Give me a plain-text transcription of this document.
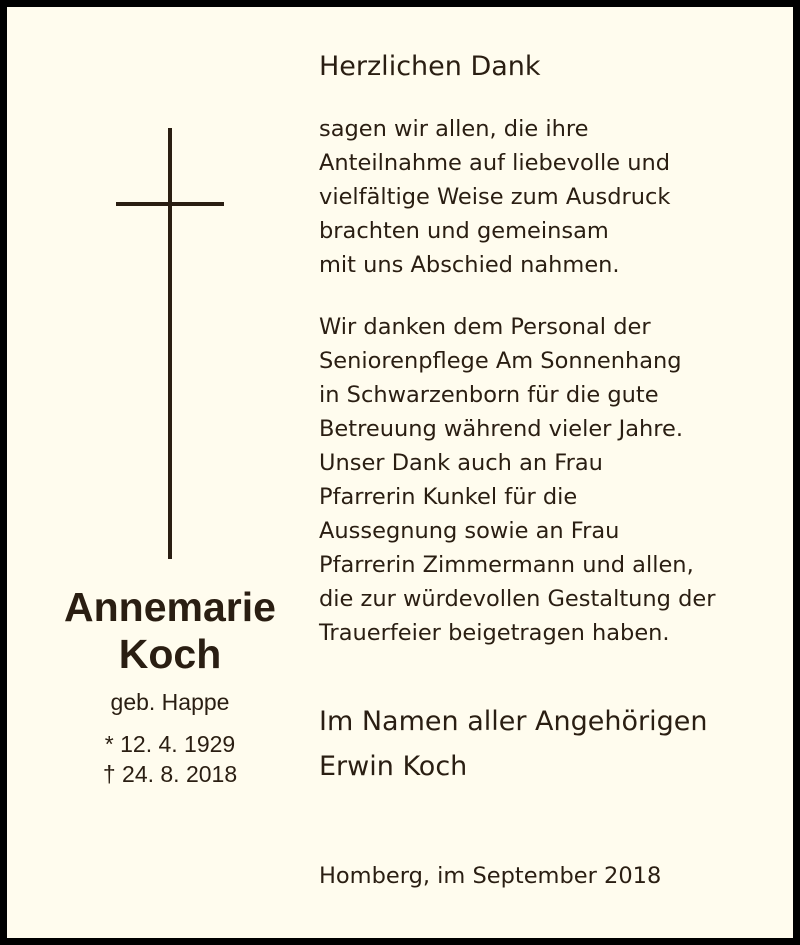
Annemarie
Koch
geb. Happe
* 12. 4. 1929
† 24. 8. 2018
Herzlichen Dank
sagen wir allen, die ihre
Anteilnahme auf liebevolle und
vielfältige Weise zum Ausdruck
brachten und gemeinsam
mit uns Abschied nahmen.
Wir danken dem Personal der
Seniorenpflege Am Sonnenhang
in Schwarzenborn für die gute
Betreuung während vieler Jahre.
Unser Dank auch an Frau
Pfarrerin Kunkel für die
Aussegnung sowie an Frau
Pfarrerin Zimmermann und allen,
die zur würdevollen Gestaltung der
Trauerfeier beigetragen haben.
Im Namen aller Angehörigen
Erwin Koch
Homberg, im September 2018
